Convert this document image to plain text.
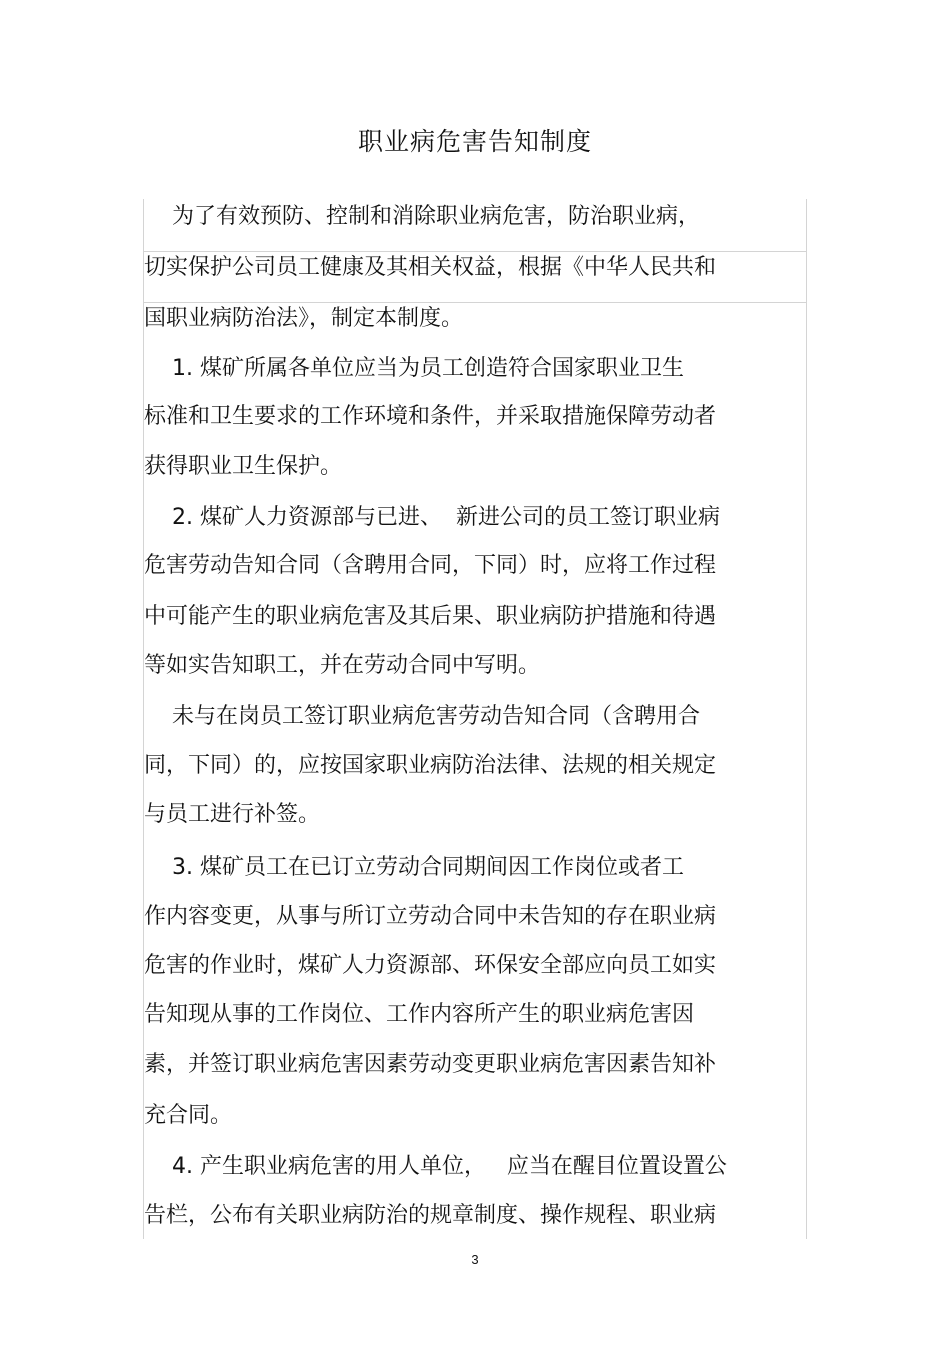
职业病危害告知制度
为了有效预防、控制和消除职业病危害，防治职业病，
切实保护公司员工健康及其相关权益，根据《中华人民共和
国职业病防治法》，制定本制度。
1. 煤矿所属各单位应当为员工创造符合国家职业卫生
标准和卫生要求的工作环境和条件，并采取措施保障劳动者
获得职业卫生保护。
2. 煤矿人力资源部与已进、  新进公司的员工签订职业病
危害劳动告知合同（含聘用合同，下同）时，应将工作过程
中可能产生的职业病危害及其后果、职业病防护措施和待遇
等如实告知职工，并在劳动合同中写明。
未与在岗员工签订职业病危害劳动告知合同（含聘用合
同，下同）的，应按国家职业病防治法律、法规的相关规定
与员工进行补签。
3. 煤矿员工在已订立劳动合同期间因工作岗位或者工
作内容变更，从事与所订立劳动合同中未告知的存在职业病
危害的作业时，煤矿人力资源部、环保安全部应向员工如实
告知现从事的工作岗位、工作内容所产生的职业病危害因
素，并签订职业病危害因素劳动变更职业病危害因素告知补
充合同。
4. 产生职业病危害的用人单位，   应当在醒目位置设置公
告栏，公布有关职业病防治的规章制度、操作规程、职业病
3
